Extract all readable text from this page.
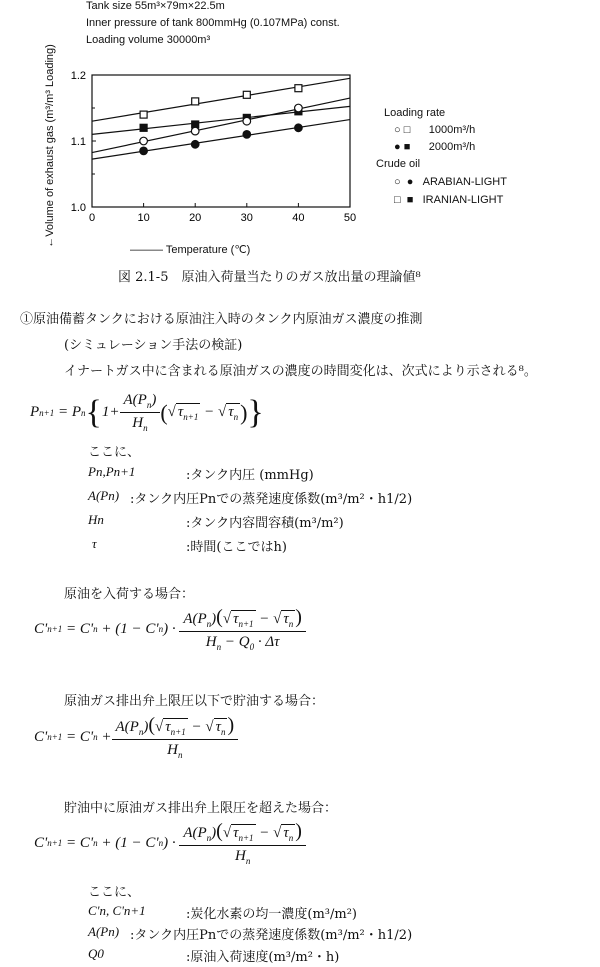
Tank size 55m³×79m×22.5m
Inner pressure of tank 800mmHg (0.107MPa) const.
Loading volume 30000m³
0	10	20	30	40	50
1.0
1.1
1.2
←Volume of exhaust gas (m³/m³ Loading)
——— Temperature (℃)
Loading rate
○ □ 1000m³/h
● ■ 2000m³/h
Crude oil
○ ● ARABIAN-LIGHT
□ ■ IRANIAN-LIGHT
図 2.1-5　原油入荷量当たりのガス放出量の理論値⁸
①原油備蓄タンクにおける原油注入時のタンク内原油ガス濃度の推測
(シミュレーション手法の検証)
イナートガス中に含まれる原油ガスの濃度の時間変化は、次式により示される⁸。
P n+1 = P n { $1+ \frac{A(P_n)}{H_n}$ ( √ $\tau_{n+1}$ − √ $\tau_n$ ) }
ここに、
Pn,Pn+1	:タンク内圧 (mmHg)
A(Pn) :タンク内圧Pnでの蒸発速度係数(m³/m²・h1/2)
Hn	:タンク内容間容積(m³/m²)
τ	:時間(ここではh)
原油を入荷する場合：
C' n+1 = C' n + (1 − C' n ) · $\frac{A(P_n)(√ \tau_{n+1} - √ \tau_n )}{H_n - Q_0 \cdot \Delta\tau}$
原油ガス排出弁上限圧以下で貯油する場合：
C' n+1 = C' $n + \frac{A(P_n)(√ \tau_{n+1} - √ \tau_n )}{H_n}$
貯油中に原油ガス排出弁上限圧を超えた場合：
C' n+1 = C' n + (1 − C' n ) · $\frac{A(P_n)(√ \tau_{n+1} - √ \tau_n )}{H_n}$
ここに、
C'n, C'n+1	:炭化水素の均一濃度(m³/m²)
A(Pn) :タンク内圧Pnでの蒸発速度係数(m³/m²・h1/2)
Q0	:原油入荷速度(m³/m²・h)
